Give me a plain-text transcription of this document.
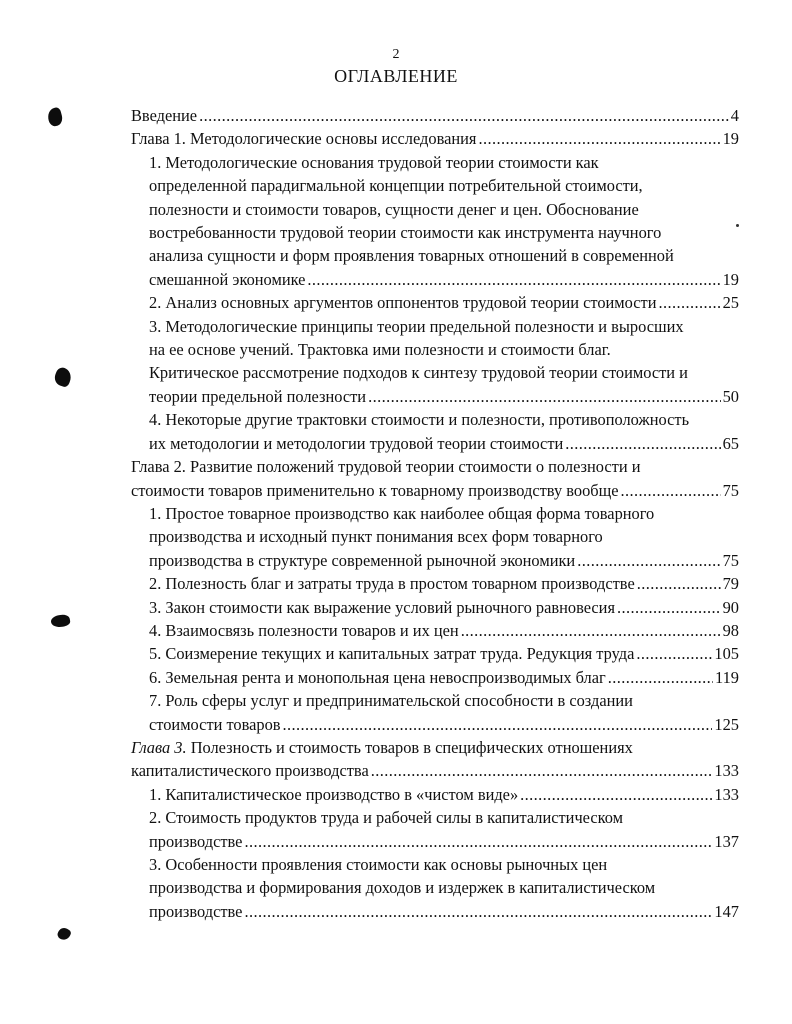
2
ОГЛАВЛЕНИЕ
Введение .....	4
Глава 1. Методологические основы исследования .....	19
1. Методологические основания трудовой теории стоимости как
определенной парадигмальной концепции потребительной стоимости,
полезности и стоимости товаров, сущности денег и цен. Обоснование
востребованности трудовой теории стоимости как инструмента научного
анализа сущности и форм проявления товарных отношений в современной
смешанной экономике .....	19
2. Анализ основных аргументов оппонентов трудовой теории стоимости .....	25
3. Методологические принципы теории предельной полезности и выросших
на ее основе учений. Трактовка ими полезности и стоимости благ.
Критическое рассмотрение подходов к синтезу трудовой теории стоимости и
теории предельной полезности .....	50
4. Некоторые другие трактовки стоимости и полезности, противоположность
их методологии и методологии трудовой теории стоимости .....	65
Глава 2. Развитие положений трудовой теории стоимости о полезности и
стоимости товаров применительно к товарному производству вообще .....	75
1. Простое товарное производство как наиболее общая форма товарного
производства и исходный пункт понимания всех форм товарного
производства в структуре современной рыночной экономики .....	75
2. Полезность благ и затраты труда в простом товарном производстве .....	79
3. Закон стоимости как выражение условий рыночного равновесия .....	90
4. Взаимосвязь полезности товаров и их цен .....	98
5. Соизмерение текущих и капитальных затрат труда. Редукция труда .....	105
6. Земельная рента и монопольная цена невоспроизводимых благ .....	119
7. Роль сферы услуг и предпринимательской способности в создании
стоимости товаров .....	125
Глава 3. Полезность и стоимость товаров в специфических отношениях
капиталистического производства .....	133
1. Капиталистическое производство в «чистом виде» .....	133
2. Стоимость продуктов труда и рабочей силы в капиталистическом
производстве .....	137
3. Особенности проявления стоимости как основы рыночных цен
производства и формирования доходов и издержек в капиталистическом
производстве .....	147
